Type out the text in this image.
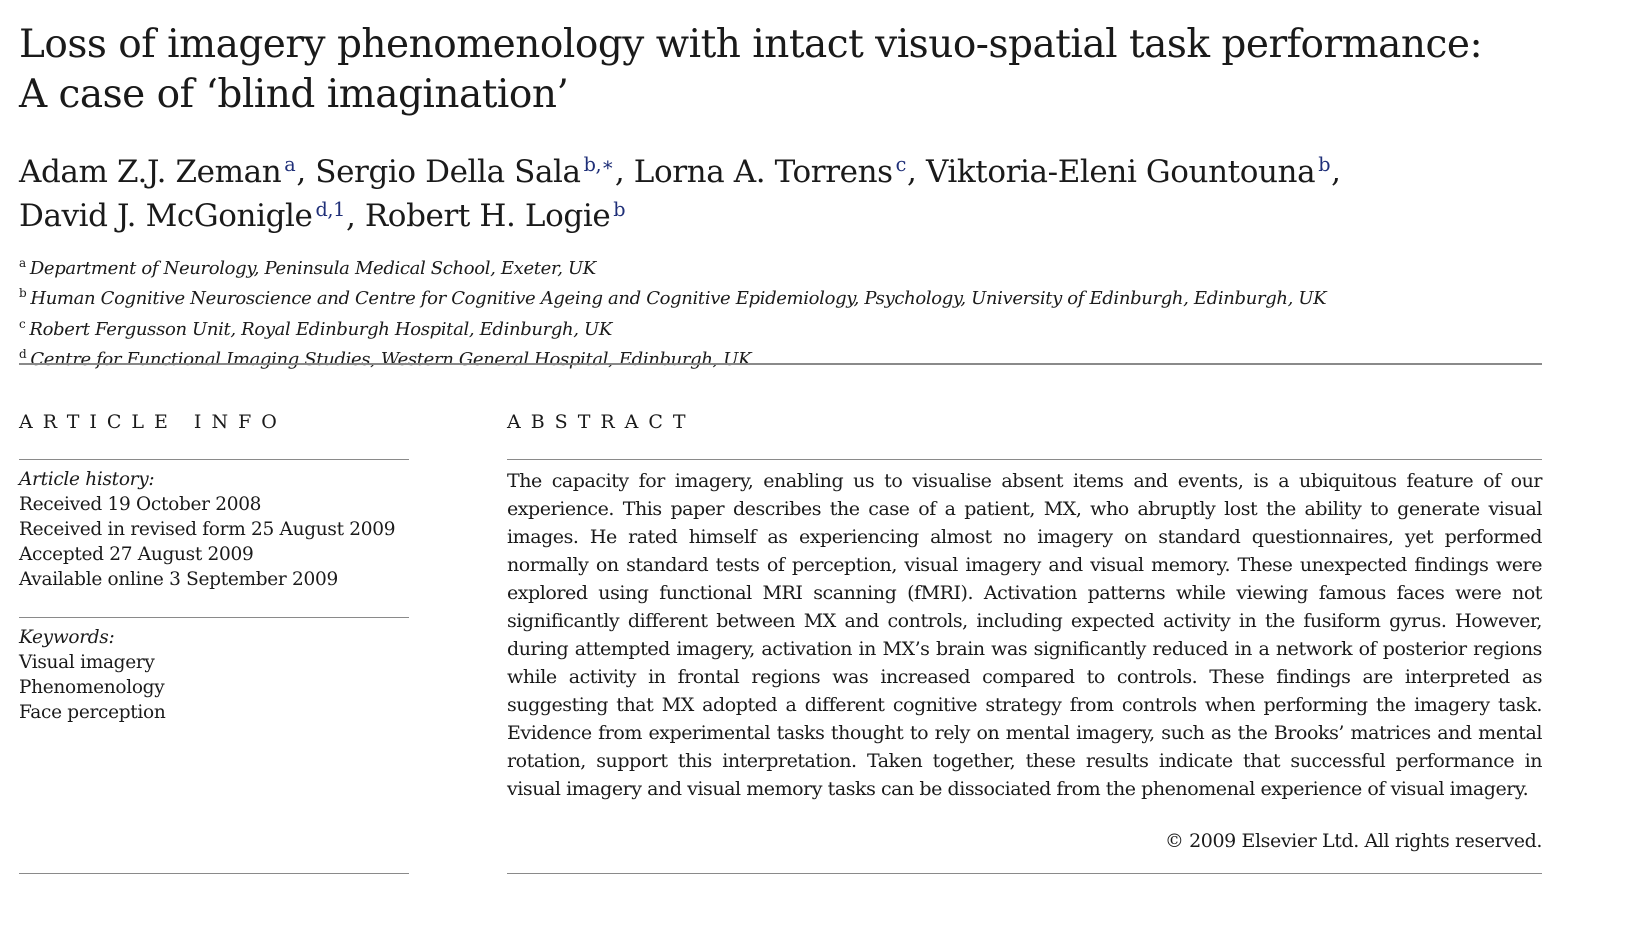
Loss of imagery phenomenology with intact visuo-spatial task performance:
A case of ‘blind imagination’
Adam Z.J. Zeman $^a$, Sergio Della Sala $^{b,∗}$, Lorna A. Torrens $^c$, Viktoria-Eleni Gountouna $^b$,
David J. McGonigle $^{d,1}$, Robert H. Logie $^b$
$^a$ Department of Neurology, Peninsula Medical School, Exeter, UK
$^b$ Human Cognitive Neuroscience and Centre for Cognitive Ageing and Cognitive Epidemiology, Psychology, University of Edinburgh, Edinburgh, UK
$^c$ Robert Fergusson Unit, Royal Edinburgh Hospital, Edinburgh, UK
$^d$ Centre for Functional Imaging Studies, Western General Hospital, Edinburgh, UK
ARTICLE INFO	ABSTRACT
Article history:
Received 19 October 2008
Received in revised form 25 August 2009
Accepted 27 August 2009
Available online 3 September 2009
Keywords:
Visual imagery
Phenomenology
Face perception

The capacity for imagery, enabling us to visualise absent items and events, is a ubiquitous feature of our experience. This paper describes the case of a patient, MX, who abruptly lost the ability to generate visual images. He rated himself as experiencing almost no imagery on standard questionnaires, yet performed normally on standard tests of perception, visual imagery and visual memory. These unexpected findings were explored using functional MRI scanning (fMRI). Activation patterns while viewing famous faces were not significantly different between MX and controls, including expected activity in the fusiform gyrus. However, during attempted imagery, activation in MX’s brain was significantly reduced in a network of posterior regions while activity in frontal regions was increased compared to controls. These findings are interpreted as suggesting that MX adopted a different cognitive strategy from controls when performing the imagery task. Evidence from experimental tasks thought to rely on mental imagery, such as the Brooks’ matrices and mental rotation, support this interpretation. Taken together, these results indicate that successful performance in visual imagery and visual memory tasks can be dissociated from the phenomenal experience of visual imagery.

© 2009 Elsevier Ltd. All rights reserved.
